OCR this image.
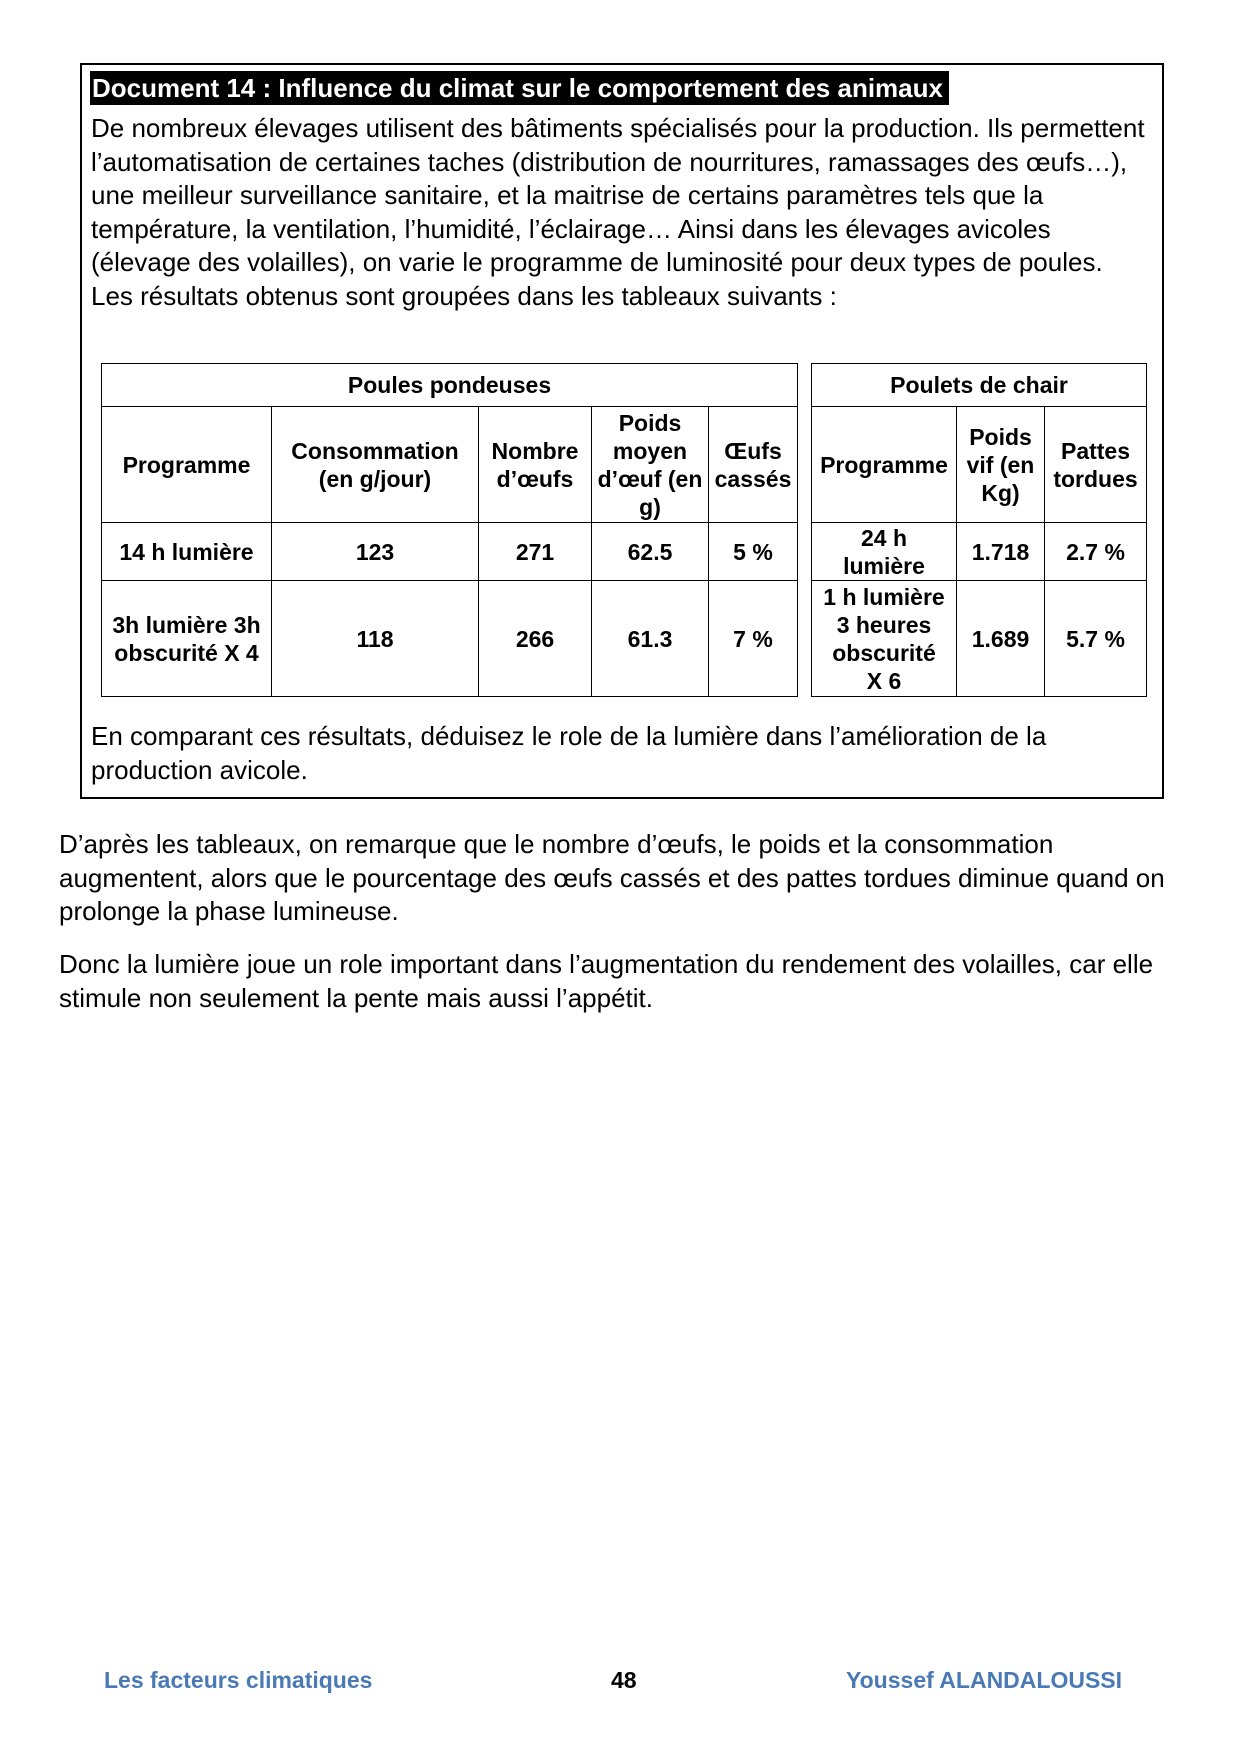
Document 14 : Influence du climat sur le comportement des animaux

De nombreux élevages utilisent des bâtiments spécialisés pour la production. Ils permettent l’automatisation de certaines taches (distribution de nourritures, ramassages des œufs…), une meilleur surveillance sanitaire, et la maitrise de certains paramètres tels que la température, la ventilation, l’humidité, l’éclairage… Ainsi dans les élevages avicoles (élevage des volailles), on varie le programme de luminosité pour deux types de poules. Les résultats obtenus sont groupées dans les tableaux suivants :

Poules pondeuses				
Programme	Consommation (en g/jour)	Nombre d’œufs	Poids moyen d’œuf (en g)	Œufs cassés
14 h lumière	123	271	62.5	5 %
3h lumière 3h obscurité X 4	118	266	61.3	7 %
Poulets de chair		
Programme	Poids vif (en Kg)	Pattes tordues
24 h lumière	1.718	2.7 %
1 h lumière 3 heures obscurité X 6	1.689	5.7 %

En comparant ces résultats, déduisez le role de la lumière dans l’amélioration de la production avicole.

D’après les tableaux, on remarque que le nombre d’œufs, le poids et la consommation augmentent, alors que le pourcentage des œufs cassés et des pattes tordues diminue quand on prolonge la phase lumineuse.

Donc la lumière joue un role important dans l’augmentation du rendement des volailles, car elle stimule non seulement la pente mais aussi l’appétit.

Les facteurs climatiques	48	Youssef ALANDALOUSSI
